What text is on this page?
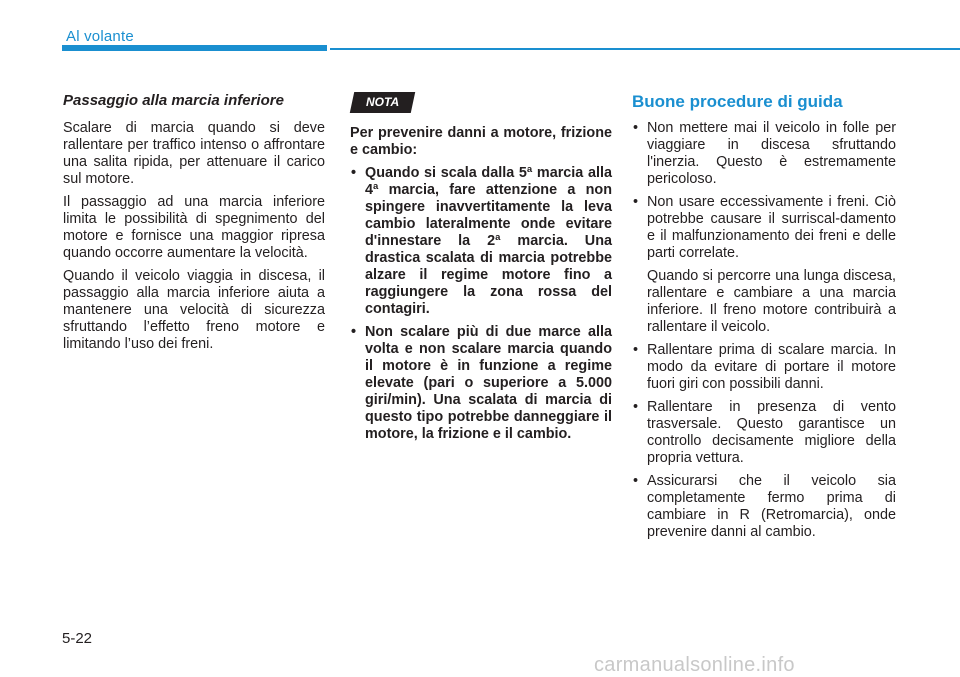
Al volante

Passaggio alla marcia inferiore

Scalare di marcia quando si deve rallentare per traffico intenso o affrontare una salita ripida, per attenuare il carico sul motore.

Il passaggio ad una marcia inferiore limita le possibilità di spegnimento del motore e fornisce una maggior ripresa quando occorre aumentare la velocità.

Quando il veicolo viaggia in discesa, il passaggio alla marcia inferiore aiuta a mantenere una velocità di sicurezza sfruttando l’effetto freno motore e limitando l’uso dei freni.

NOTA

Per prevenire danni a motore, frizione e cambio:

• Quando si scala dalla 5ª marcia alla 4ª marcia, fare attenzione a non spingere inavvertitamente la leva cambio lateralmente onde evitare d'innestare la 2ª marcia. Una drastica scalata di marcia potrebbe alzare il regime motore fino a raggiungere la zona rossa del contagiri.
• Non scalare più di due marce alla volta e non scalare marcia quando il motore è in funzione a regime elevate (pari o superiore a 5.000 giri/min). Una scalata di marcia di questo tipo potrebbe danneggiare il motore, la frizione e il cambio.

Buone procedure di guida

• Non mettere mai il veicolo in folle per viaggiare in discesa sfruttando l'inerzia. Questo è estremamente pericoloso.
• Non usare eccessivamente i freni. Ciò potrebbe causare il surriscal-damento e il malfunzionamento dei freni e delle parti correlate.

Quando si percorre una lunga discesa, rallentare e cambiare a una marcia inferiore. Il freno motore contribuirà a rallentare il veicolo.

• Rallentare prima di scalare marcia. In modo da evitare di portare il motore fuori giri con possibili danni.
• Rallentare in presenza di vento trasversale. Questo garantisce un controllo decisamente migliore della propria vettura.
• Assicurarsi che il veicolo sia completamente fermo prima di cambiare in R (Retromarcia), onde prevenire danni al cambio.
5-22
carmanualsonline.info
